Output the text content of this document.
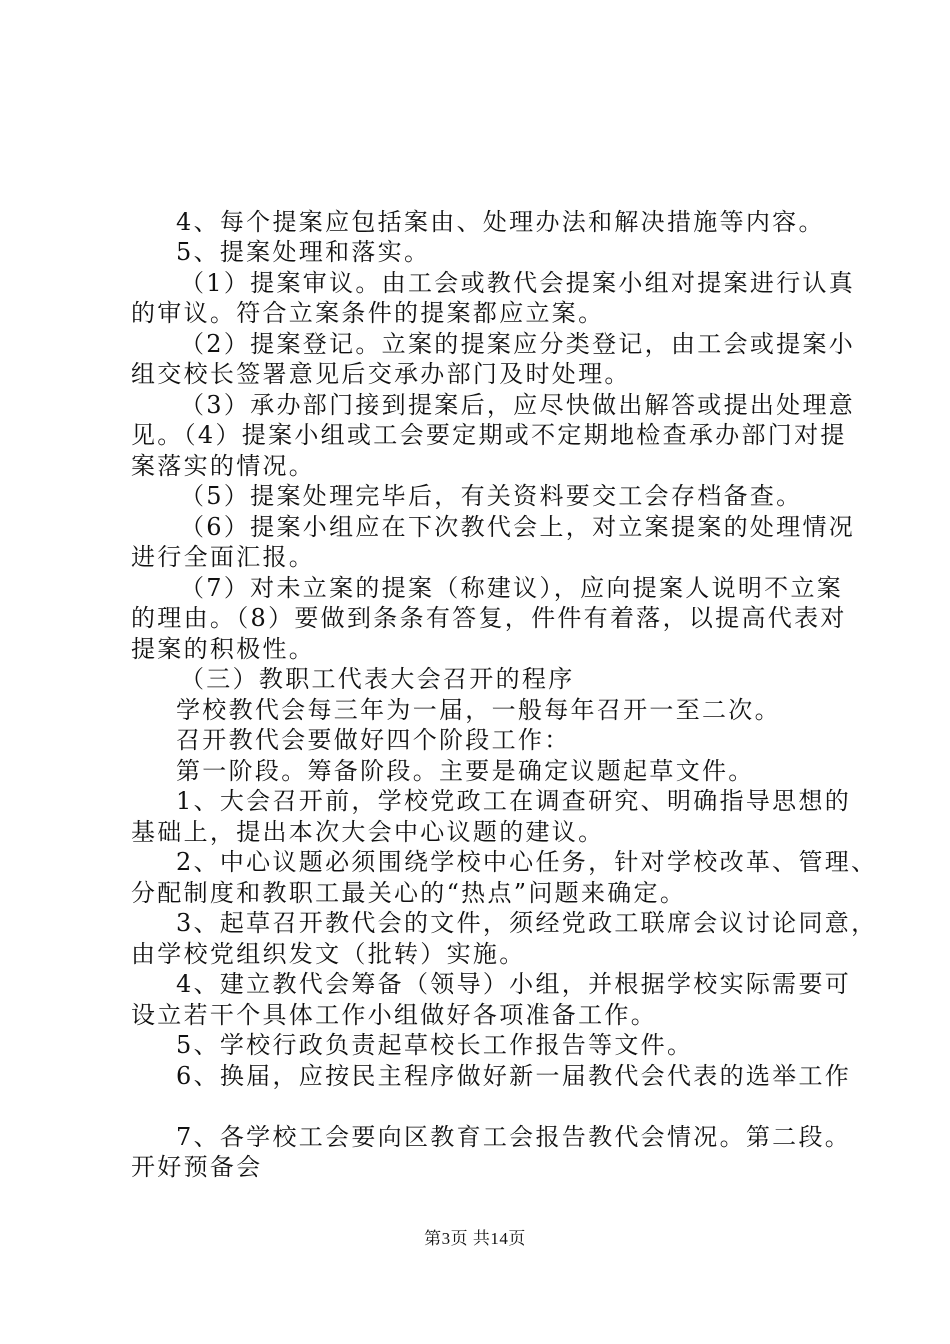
4、每个提案应包括案由、处理办法和解决措施等内容。
5、提案处理和落实。
（1）提案审议。由工会或教代会提案小组对提案进行认真
的审议。符合立案条件的提案都应立案。
（2）提案登记。立案的提案应分类登记，由工会或提案小
组交校长签署意见后交承办部门及时处理。
（3）承办部门接到提案后，应尽快做出解答或提出处理意
见。（4）提案小组或工会要定期或不定期地检查承办部门对提
案落实的情况。
（5）提案处理完毕后，有关资料要交工会存档备查。
（6）提案小组应在下次教代会上，对立案提案的处理情况
进行全面汇报。
（7）对未立案的提案（称建议），应向提案人说明不立案
的理由。（8）要做到条条有答复，件件有着落，以提高代表对
提案的积极性。
（三）教职工代表大会召开的程序
学校教代会每三年为一届，一般每年召开一至二次。
召开教代会要做好四个阶段工作：
第一阶段。筹备阶段。主要是确定议题起草文件。
1、大会召开前，学校党政工在调查研究、明确指导思想的
基础上，提出本次大会中心议题的建议。
2、中心议题必须围绕学校中心任务，针对学校改革、管理、
分配制度和教职工最关心的“热点”问题来确定。
3、起草召开教代会的文件，须经党政工联席会议讨论同意，
由学校党组织发文（批转）实施。
4、建立教代会筹备（领导）小组，并根据学校实际需要可
设立若干个具体工作小组做好各项准备工作。
5、学校行政负责起草校长工作报告等文件。
6、换届，应按民主程序做好新一届教代会代表的选举工作
7、各学校工会要向区教育工会报告教代会情况。第二段。
开好预备会
第3页 共14页
